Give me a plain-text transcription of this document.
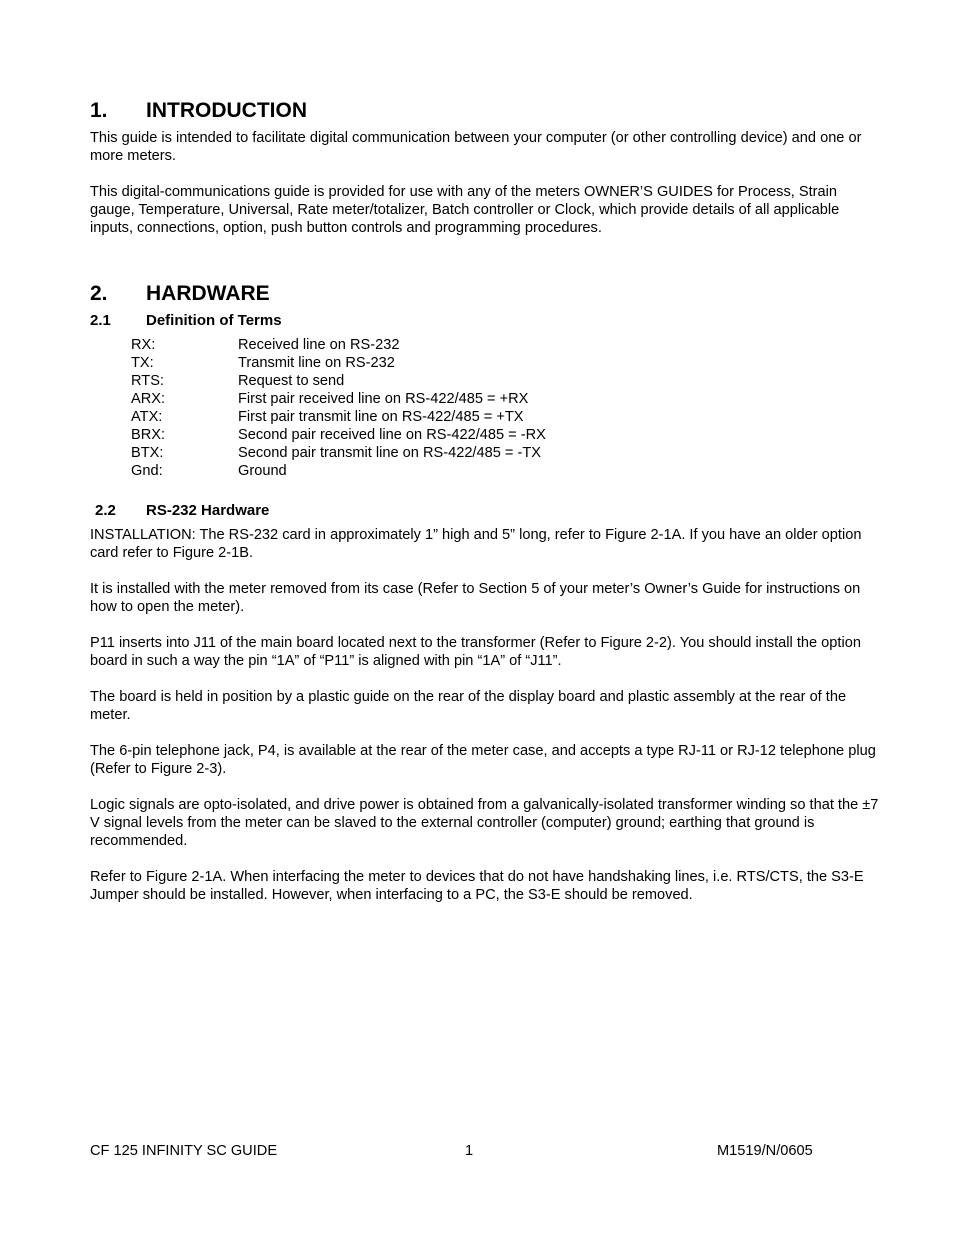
1. INTRODUCTION

This guide is intended to facilitate digital communication between your computer (or other controlling device) and one or more meters.

This digital-communications guide is provided for use with any of the meters OWNER’S GUIDES for Process, Strain gauge, Temperature, Universal, Rate meter/totalizer, Batch controller or Clock, which provide details of all applicable inputs, connections, option, push button controls and programming procedures.

2. HARDWARE
2.1 Definition of Terms
RX:	Received line on RS-232
TX:	Transmit line on RS-232
RTS:	Request to send
ARX:	First pair received line on RS-422/485 = +RX
ATX:	First pair transmit line on RS-422/485 = +TX
BRX:	Second pair received line on RS-422/485 = -RX
BTX:	Second pair transmit line on RS-422/485 = -TX
Gnd:	Ground
2.2 RS-232 Hardware

INSTALLATION: The RS-232 card in approximately 1” high and 5” long, refer to Figure 2-1A. If you have an older option card refer to Figure 2-1B.

It is installed with the meter removed from its case (Refer to Section 5 of your meter’s Owner’s Guide for instructions on how to open the meter).

P11 inserts into J11 of the main board located next to the transformer (Refer to Figure 2-2). You should install the option board in such a way the pin “1A” of “P11” is aligned with pin “1A” of “J11”.

The board is held in position by a plastic guide on the rear of the display board and plastic assembly at the rear of the meter.

The 6-pin telephone jack, P4, is available at the rear of the meter case, and accepts a type RJ-11 or RJ-12 telephone plug (Refer to Figure 2-3).

Logic signals are opto-isolated, and drive power is obtained from a galvanically-isolated transformer winding so that the ±7 V signal levels from the meter can be slaved to the external controller (computer) ground; earthing that ground is recommended.

Refer to Figure 2-1A. When interfacing the meter to devices that do not have handshaking lines, i.e. RTS/CTS, the S3-E Jumper should be installed. However, when interfacing to a PC, the S3-E should be removed.

CF 125 INFINITY SC GUIDE	1	M1519/N/0605
